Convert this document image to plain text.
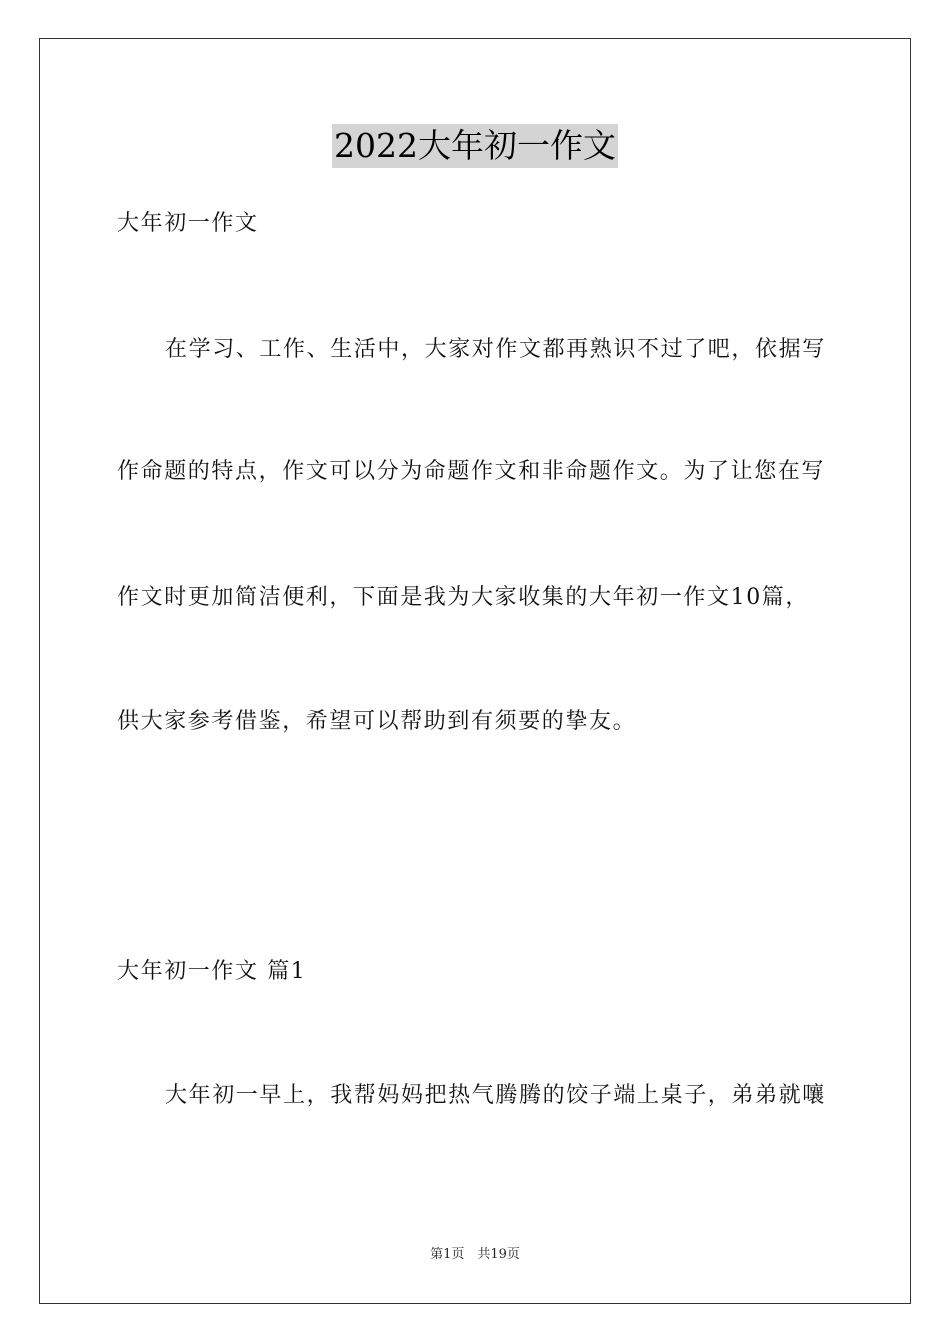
2022大年初一作文
大年初一作文
在学习、工作、生活中，大家对作文都再熟识不过了吧，依据写
作命题的特点，作文可以分为命题作文和非命题作文。为了让您在写
作文时更加简洁便利，下面是我为大家收集的大年初一作文10篇，
供大家参考借鉴，希望可以帮助到有须要的挚友。
大年初一作文 篇1
大年初一早上，我帮妈妈把热气腾腾的饺子端上桌子，弟弟就嚷
第1页　共19页
